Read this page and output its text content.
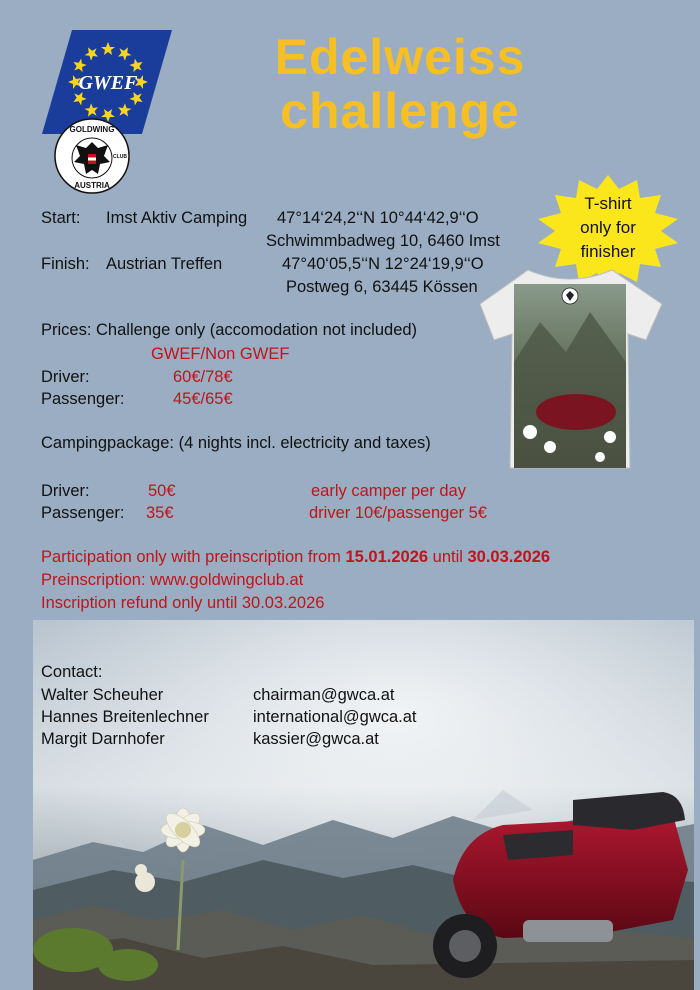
GWEF
GOLDWING
CLUB
AUSTRIA
Edelweiss
challenge
T-shirt
only for
finisher
Start: Imst Aktiv Camping 47°14‘24,2‘‘N 10°44‘42,9‘‘O
Schwimmbadweg 10, 6460 Imst
Finish: Austrian Treffen	47°40‘05,5‘‘N 12°24‘19,9‘‘O
Postweg 6, 63445 Kössen
Prices: Challenge only (accomodation not included)
GWEF/Non GWEF
Driver:	60€/78€
Passenger:	45€/65€
Campingpackage: (4 nights incl. electricity and taxes)
Driver:	50€	early camper per day
Passenger: 35€	driver 10€/passenger 5€
Participation only with preinscription from 15.01.2026 until 30.03.2026
Preinscription: www.goldwingclub.at
Inscription refund only until 30.03.2026
Contact:
Walter Scheuher	chairman@gwca.at
Hannes Breitenlechner	international@gwca.at
Margit Darnhofer	kassier@gwca.at
